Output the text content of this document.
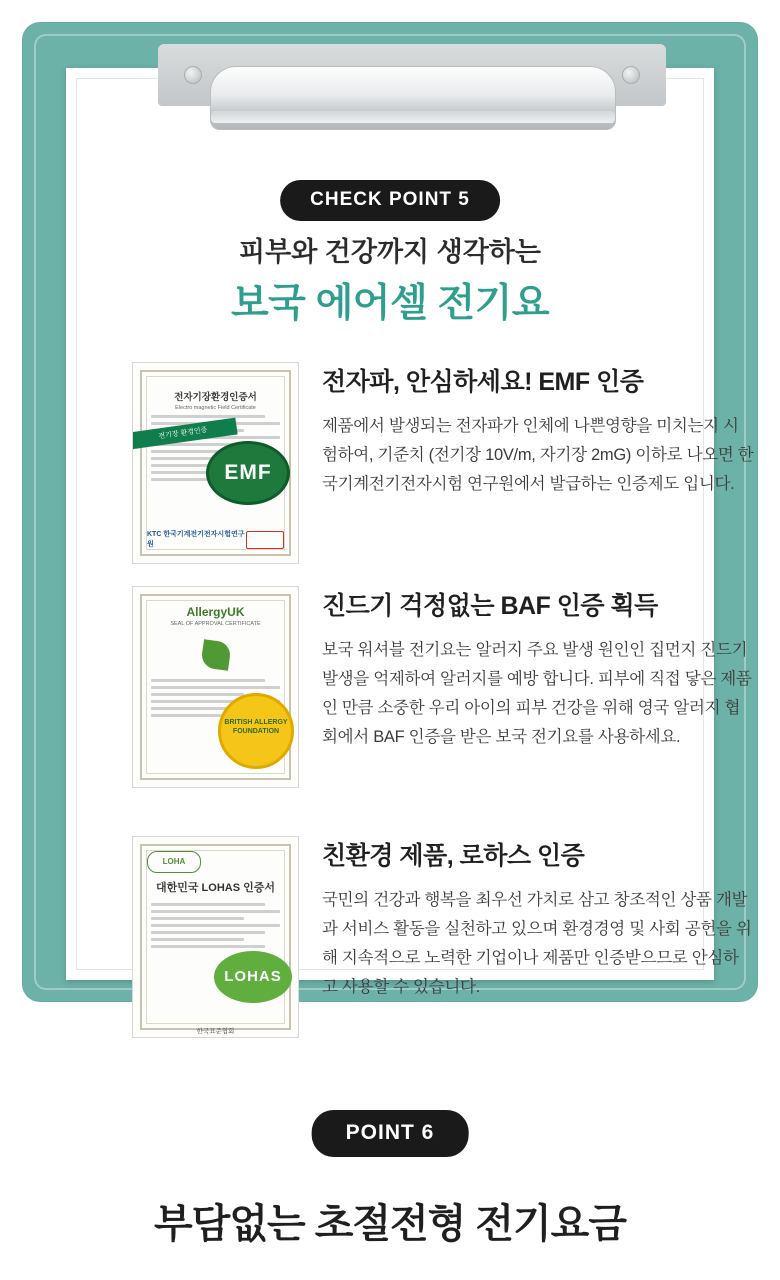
CHECK POINT 5
피부와 건강까지 생각하는
보국 에어셀 전기요
전자기장환경인증서
Electro magnetic Field Certificate
전기장 환경인증
EMF
KTC 한국기계전기전자시험연구원
전자파, 안심하세요! EMF 인증

제품에서 발생되는 전자파가 인체에 나쁜영향을 미치는지 시험하여, 기준치 (전기장 10V/m, 자기장 2mG) 이하로 나오면 한국기계전기전자시험 연구원에서 발급하는 인증제도 입니다.

AllergyUK
SEAL OF APPROVAL CERTIFICATE
BRITISH ALLERGY FOUNDATION
진드기 걱정없는 BAF 인증 획득

보국 워셔블 전기요는 알러지 주요 발생 원인인 집먼지 진드기 발생을 억제하여 알러지를 예방 합니다. 피부에 직접 닿은 제품인 만큼 소중한 우리 아이의 피부 건강을 위해 영국 알러지 협회에서 BAF 인증을 받은 보국 전기요를 사용하세요.

LOHA
대한민국 LOHAS 인증서
LOHAS
한국표준협회
친환경 제품, 로하스 인증

국민의 건강과 행복을 최우선 가치로 삼고 창조적인 상품 개발과 서비스 활동을 실천하고 있으며 환경경영 및 사회 공헌을 위해 지속적으로 노력한 기업이나 제품만 인증받으므로 안심하고 사용할 수 있습니다.

POINT 6
부담없는 초절전형 전기요금
